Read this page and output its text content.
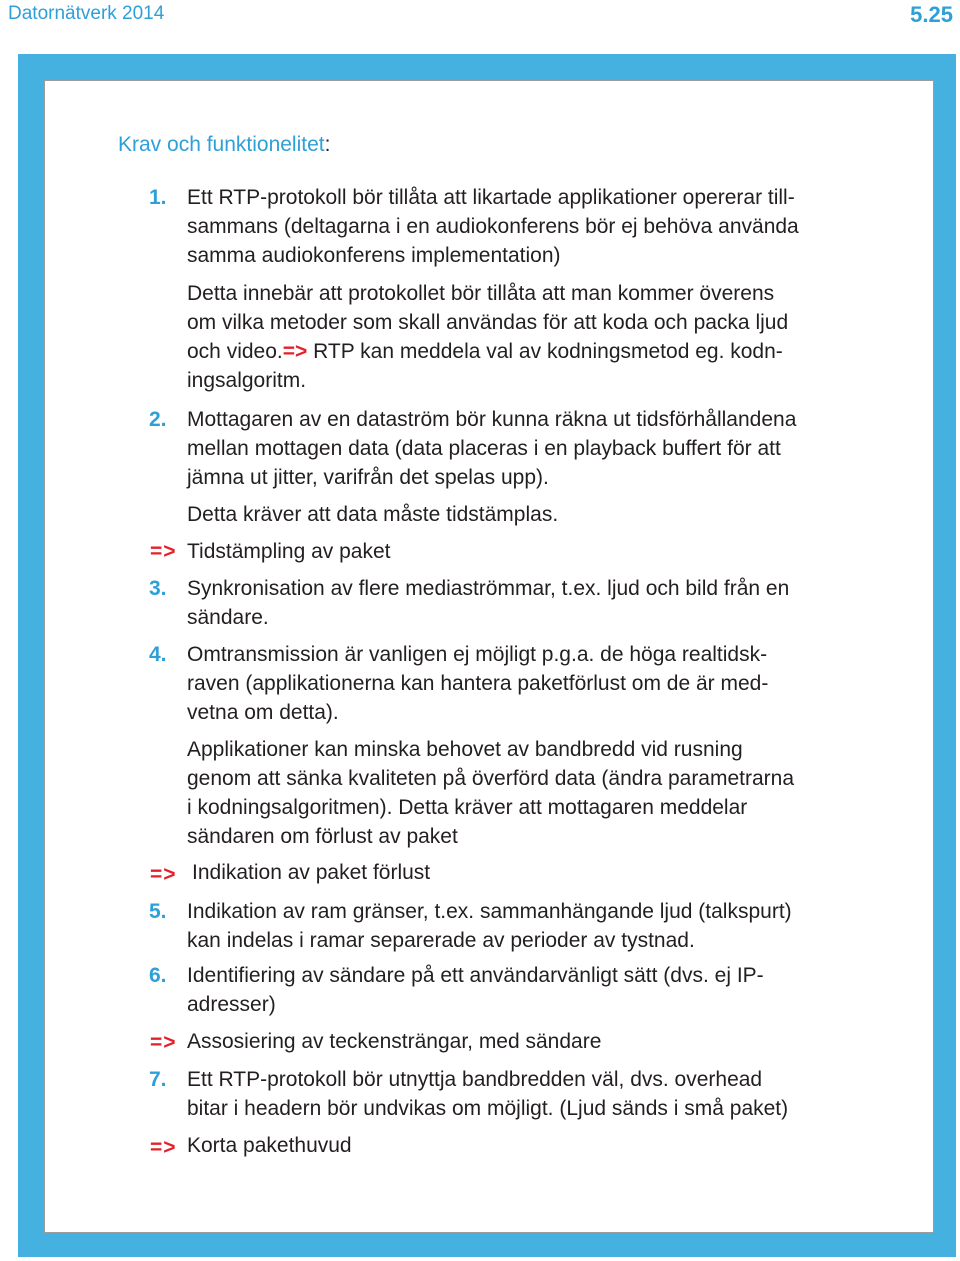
Datornätverk 2014	5.25
Krav och funktionelitet:
1. Ett RTP-protokoll bör tillåta att likartade applikationer opererar till-
sammans (deltagarna i en audiokonferens bör ej behöva använda
samma audiokonferens implementation)
Detta innebär att protokollet bör tillåta att man kommer överens
om vilka metoder som skall användas för att koda och packa ljud
och video.=> RTP kan meddela val av kodningsmetod eg. kodn-
ingsalgoritm.
2. Mottagaren av en dataström bör kunna räkna ut tidsförhållandena
mellan mottagen data (data placeras i en playback buffert för att
jämna ut jitter, varifrån det spelas upp).
Detta kräver att data måste tidstämplas.
=> Tidstämpling av paket
3. Synkronisation av flere mediaströmmar, t.ex. ljud och bild från en
sändare.
4. Omtransmission är vanligen ej möjligt p.g.a. de höga realtidsk-
raven (applikationerna kan hantera paketförlust om de är med-
vetna om detta).
Applikationer kan minska behovet av bandbredd vid rusning
genom att sänka kvaliteten på överförd data (ändra parametrarna
i kodningsalgoritmen). Detta kräver att mottagaren meddelar
sändaren om förlust av paket
=> Indikation av paket förlust
5. Indikation av ram gränser, t.ex. sammanhängande ljud (talkspurt)
kan indelas i ramar separerade av perioder av tystnad.
6. Identifiering av sändare på ett användarvänligt sätt (dvs. ej IP-
adresser)
=> Assosiering av teckensträngar, med sändare
7. Ett RTP-protokoll bör utnyttja bandbredden väl, dvs. overhead
bitar i headern bör undvikas om möjligt. (Ljud sänds i små paket)
=> Korta pakethuvud
